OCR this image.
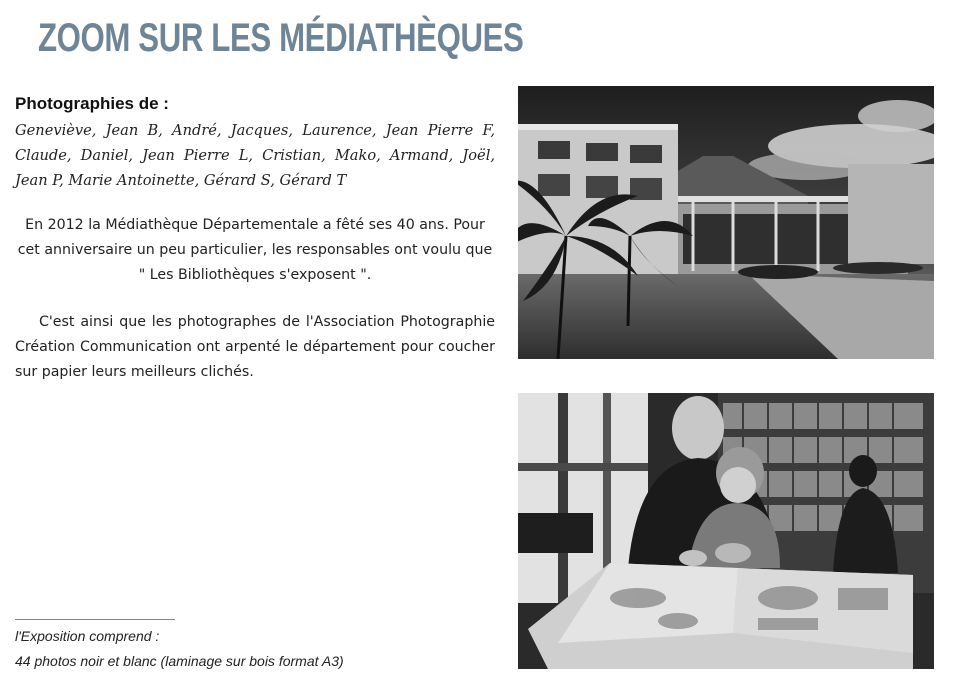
ZOOM SUR LES MÉDIATHÈQUES
Photographies de :

Geneviève, Jean B, André, Jacques, Laurence, Jean Pierre F, Claude, Daniel, Jean Pierre L, Cristian, Mako, Armand, Joël, Jean P, Marie Antoinette, Gérard S, Gérard T

En 2012 la Médiathèque Départementale a fêté ses 40 ans. Pour cet anniversaire un peu particulier, les responsables ont voulu que " Les Bibliothèques s'exposent ".

C'est ainsi que les photographes de l'Association Photographie Création Communication ont arpenté le département pour coucher sur papier leurs meilleurs clichés.

l'Exposition comprend :

44 photos noir et blanc (laminage sur bois format A3)
